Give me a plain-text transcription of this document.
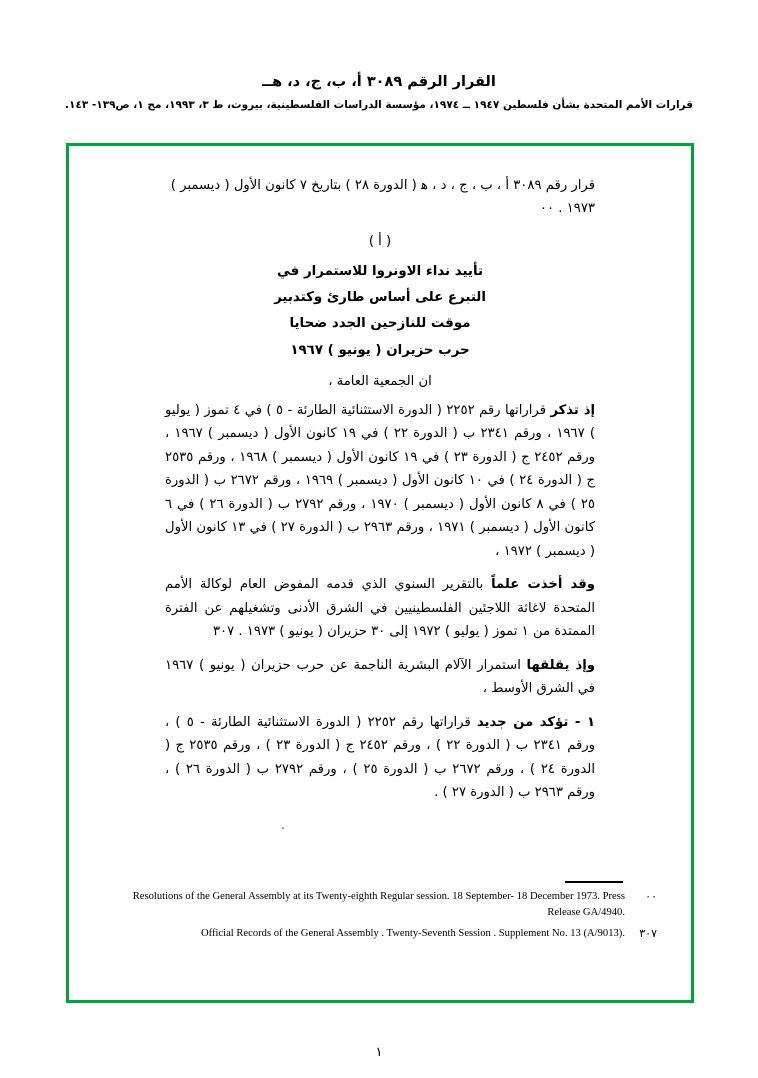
القرار الرقم ٣٠٨٩ أ، ب، ج، د، هــ
قرارات الأمم المتحدة بشأن فلسطين ١٩٤٧ ــ ١٩٧٤، مؤسسة الدراسات الفلسطينية، بيروت، ط ٣، ١٩٩٣، مج ١، ص١٣٩- ١٤٣.
قرار رقم ٣٠٨٩ أ ، ب ، ج ، د ، ﻫ ( الدورة ٢٨ ) بتاريخ ٧ كانون الأول ( ديسمبر ) ١٩٧٣ . ٠٠
( أ )
تأييد نداء الاونروا للاستمرار في
التبرع على أساس طارئ وكتدبير
موقت للنازحين الجدد ضحايا
حرب حزيران ( يونيو ) ١٩٦٧
ان الجمعية العامة ،
إذ تذكر قراراتها رقم ٢٢٥٢ ( الدورة الاستثنائية الطارئة - ٥ ) في ٤ تموز ( يوليو ) ١٩٦٧ ، ورقم ٢٣٤١ ب ( الدورة ٢٢ ) في ١٩ كانون الأول ( ديسمبر ) ١٩٦٧ ، ورقم ٢٤٥٢ ج ( الدورة ٢٣ ) في ١٩ كانون الأول ( ديسمبر ) ١٩٦٨ ، ورقم ٢٥٣٥ ج ( الدورة ٢٤ ) في ١٠ كانون الأول ( ديسمبر ) ١٩٦٩ ، ورقم ٢٦٧٢ ب ( الدورة ٢٥ ) في ٨ كانون الأول ( ديسمبر ) ١٩٧٠ ، ورقم ٢٧٩٢ ب ( الدورة ٢٦ ) في ٦ كانون الأول ( ديسمبر ) ١٩٧١ ، ورقم ٢٩٦٣ ب ( الدورة ٢٧ ) في ١٣ كانون الأول ( ديسمبر ) ١٩٧٢ ،
وقد أخذت علماً بالتقرير السنوي الذي قدمه المفوض العام لوكالة الأمم المتحدة لاغاثة اللاجئين الفلسطينيين في الشرق الأدنى وتشغيلهم عن الفترة الممتدة من ١ تموز ( يوليو ) ١٩٧٢ إلى ٣٠ حزيران ( يونيو ) ١٩٧٣ . ٣٠٧
وإذ يقلقها استمرار الآلام البشرية الناجمة عن حرب حزيران ( يونيو ) ١٩٦٧ في الشرق الأوسط ،
١ - تؤكد من جديد قراراتها رقم ٢٢٥٢ ( الدورة الاستثنائية الطارئة - ٥ ) ، ورقم ٢٣٤١ ب ( الدورة ٢٢ ) ، ورقم ٢٤٥٢ ج ( الدورة ٢٣ ) ، ورقم ٢٥٣٥ ج ( الدورة ٢٤ ) ، ورقم ٢٦٧٢ ب ( الدورة ٢٥ ) ، ورقم ٢٧٩٢ ب ( الدورة ٢٦ ) ، ورقم ٢٩٦٣ ب ( الدورة ٢٧ ) .
.
٠٠
Resolutions of the General Assembly at its Twenty-eighth Regular session. 18 September- 18 December 1973. Press Release GA/4940.
٣٠٧
Official Records of the General Assembly . Twenty-Seventh Session . Supplement No. 13 (A/9013).
١
